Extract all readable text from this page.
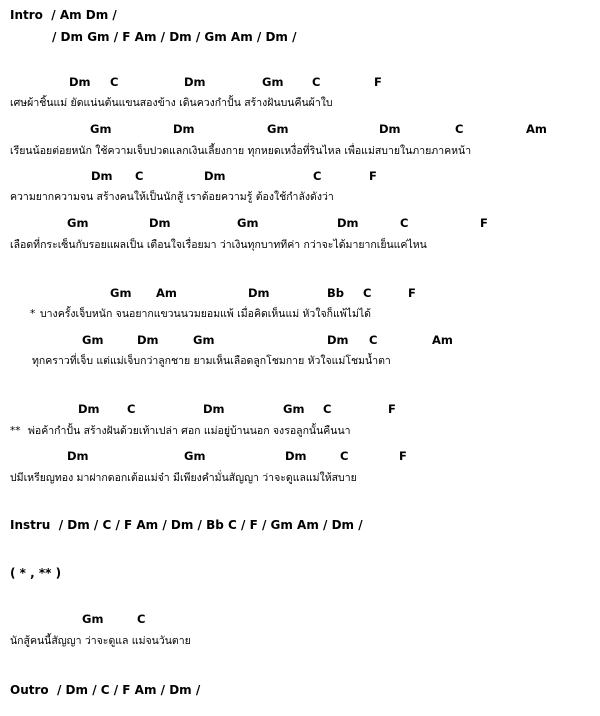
Intro  / Am Dm /
/ Dm Gm / F Am / Dm / Gm Am / Dm /
Dm C	Dm	Gm C	F
เศษผ้าชิ้นแม่ ยัดแน่นต้นแขนสองข้าง เดินควงกำปั้น สร้างฝันบนคืนผ้าใบ
Gm	Dm	Gm	Dm	C	Am
เรียนน้อยต่อยหนัก ใช้ความเจ็บปวดแลกเงินเลี้ยงกาย ทุกหยดเหงื่อที่รินไหล เพื่อแม่สบายในภายภาคหน้า
Dm C	Dm	C	F
ความยากความจน สร้างคนให้เป็นนักสู้ เราด้อยความรู้ ต้องใช้กำลังดังว่า
Gm	Dm	Gm	Dm	C	F
เลือดที่กระเซ็นกับรอยแผลเป็น เตือนใจเรื่อยมา ว่าเงินทุกบาททีค่า กว่าจะได้มายากเย็นแค่ไหน
Gm Am	Dm	Bb C	F
* บางครั้งเจ็บหนัก จนอยากแขวนนวมยอมแพ้ เมื่อคิดเห็นแม่ หัวใจก็แพ้ไม่ได้
Gm	Dm	Gm	Dm C	Am
ทุกคราวที่เจ็บ แต่แม่เจ็บกว่าลูกชาย ยามเห็นเลือดลูกโชมกาย หัวใจแม่โชมน้ำตา
Dm C	Dm	Gm C	F
** พ่อค้ากำปั้น สร้างฝันด้วยเท้าเปล่า ศอก แม่อยู่บ้านนอก จงรอลูกนั้นคืนนา
Dm	Gm	Dm	C	F
ปมีเหรียญทอง มาฝากดอกเต้อแม่จ๋า มีเพียงคำมั่นสัญญา ว่าจะดูแลแม่ให้สบาย
Instru  / Dm / C / F Am / Dm / Bb C / F / Gm Am / Dm /
( * , ** )
Gm	C
นักสู้คนนี้สัญญา ว่าจะดูแล แม่จนวันตาย
Outro  / Dm / C / F Am / Dm /
